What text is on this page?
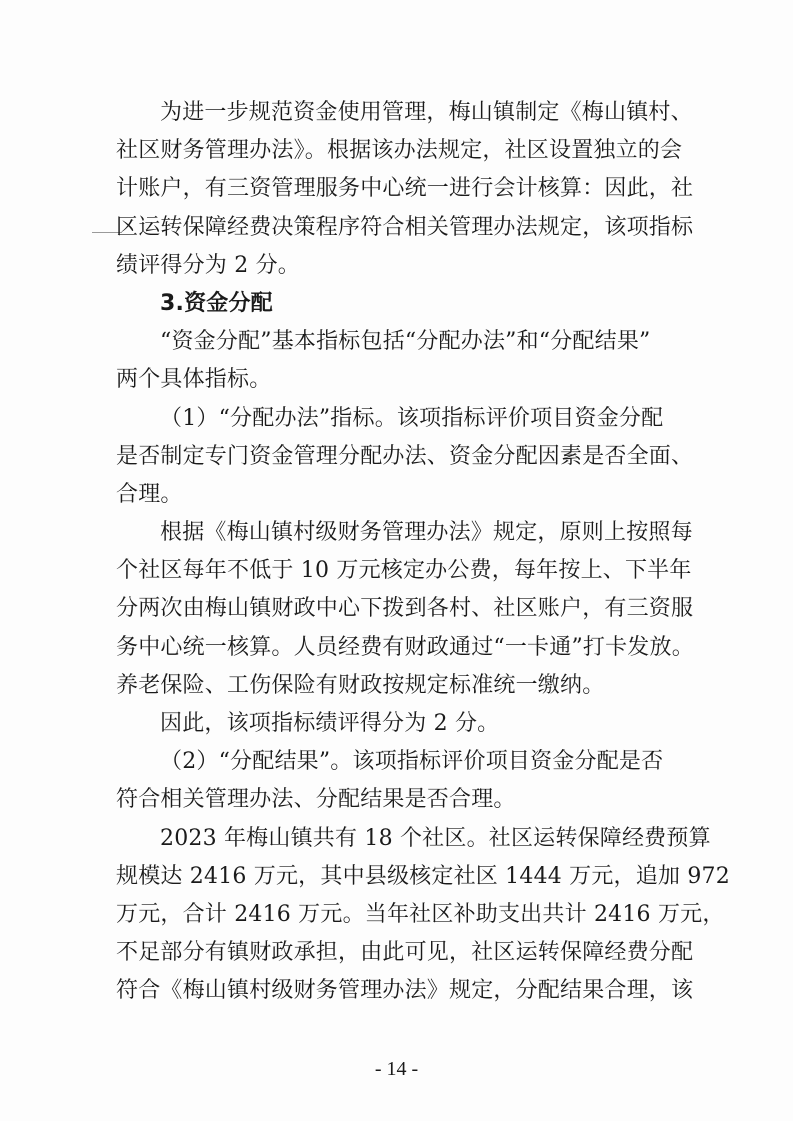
为进一步规范资金使用管理，梅山镇制定《梅山镇村、
社区财务管理办法》。根据该办法规定，社区设置独立的会
计账户，有三资管理服务中心统一进行会计核算：因此，社
区运转保障经费决策程序符合相关管理办法规定，该项指标
绩评得分为 2 分。
3.资金分配
“资金分配”基本指标包括“分配办法”和“分配结果”
两个具体指标。
（1）“分配办法”指标。该项指标评价项目资金分配
是否制定专门资金管理分配办法、资金分配因素是否全面、
合理。
根据《梅山镇村级财务管理办法》规定，原则上按照每
个社区每年不低于 10 万元核定办公费，每年按上、下半年
分两次由梅山镇财政中心下拨到各村、社区账户，有三资服
务中心统一核算。人员经费有财政通过“一卡通”打卡发放。
养老保险、工伤保险有财政按规定标准统一缴纳。
因此，该项指标绩评得分为 2 分。
（2）“分配结果”。该项指标评价项目资金分配是否
符合相关管理办法、分配结果是否合理。
2023 年梅山镇共有 18 个社区。社区运转保障经费预算
规模达 2416 万元，其中县级核定社区 1444 万元，追加 972
万元，合计 2416 万元。当年社区补助支出共计 2416 万元，
不足部分有镇财政承担，由此可见，社区运转保障经费分配
符合《梅山镇村级财务管理办法》规定，分配结果合理，该
- 14 -
